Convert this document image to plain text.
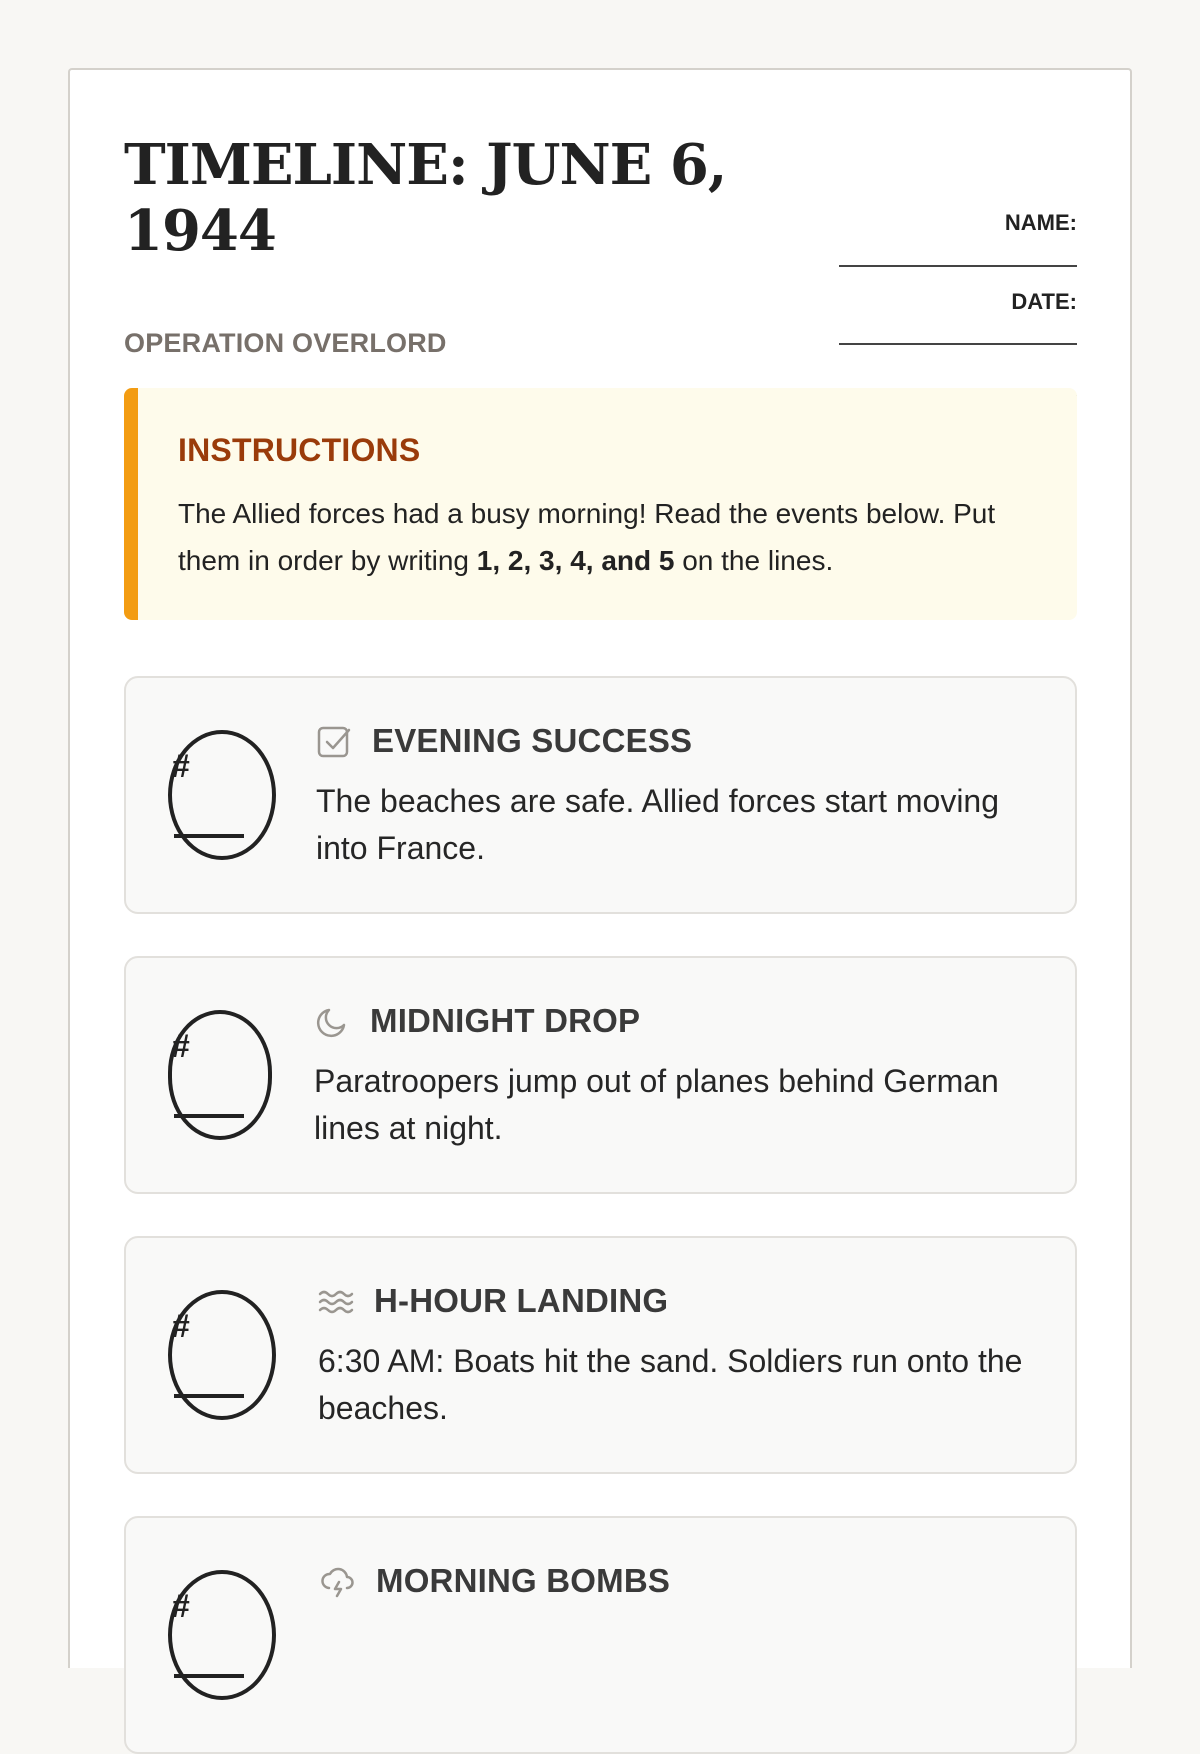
TIMELINE: JUNE 6, 1944
OPERATION OVERLORD
NAME:
DATE:
INSTRUCTIONS
The Allied forces had a busy morning! Read the events below. Put them in order by writing 1, 2, 3, 4, and 5 on the lines.
#
EVENING SUCCESS
The beaches are safe. Allied forces start moving into France.
#
MIDNIGHT DROP
Paratroopers jump out of planes behind German lines at night.
#
H-HOUR LANDING
6:30 AM: Boats hit the sand. Soldiers run onto the beaches.
#
MORNING BOMBS
